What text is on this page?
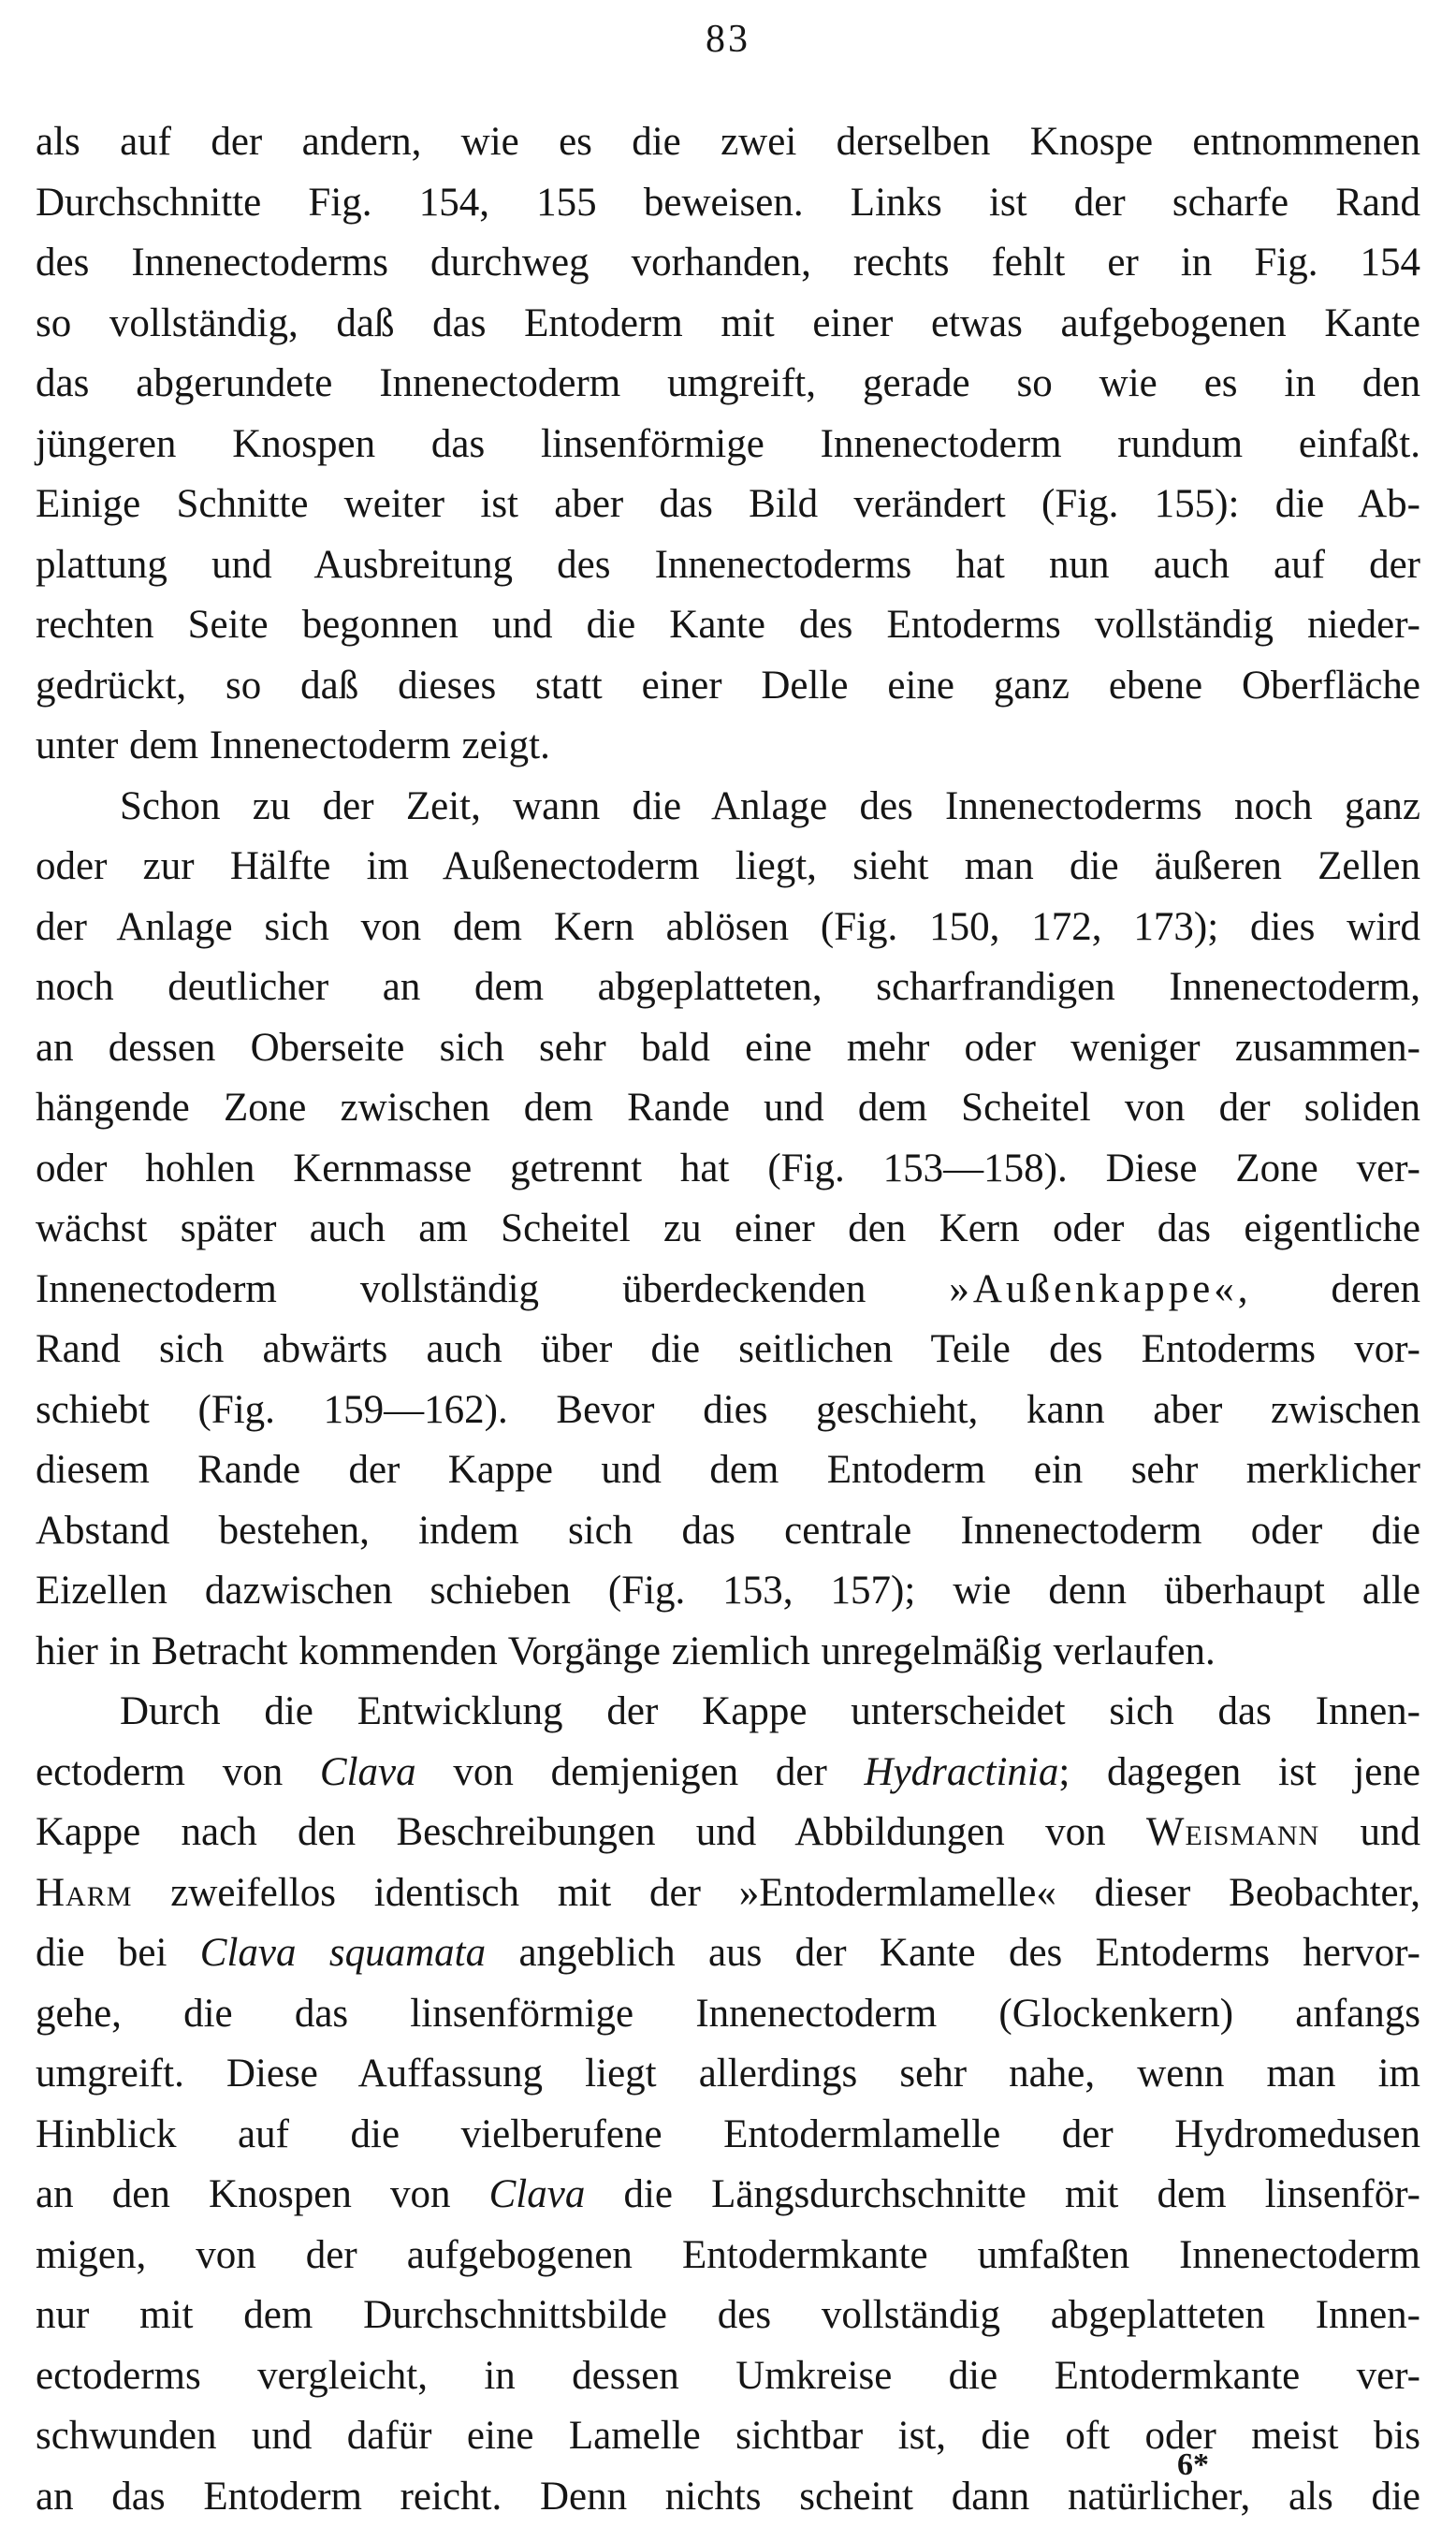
83
als auf der andern, wie es die zwei derselben Knospe entnommenen
Durchschnitte Fig. 154, 155 beweisen. Links ist der scharfe Rand
des Innenectoderms durchweg vorhanden, rechts fehlt er in Fig. 154
so vollständig, daß das Entoderm mit einer etwas aufgebogenen Kante
das abgerundete Innenectoderm umgreift, gerade so wie es in den
jüngeren Knospen das linsenförmige Innenectoderm rundum einfaßt.
Einige Schnitte weiter ist aber das Bild verändert (Fig. 155): die Ab-
plattung und Ausbreitung des Innenectoderms hat nun auch auf der
rechten Seite begonnen und die Kante des Entoderms vollständig nieder-
gedrückt, so daß dieses statt einer Delle eine ganz ebene Oberfläche
unter dem Innenectoderm zeigt.
Schon zu der Zeit, wann die Anlage des Innenectoderms noch ganz
oder zur Hälfte im Außenectoderm liegt, sieht man die äußeren Zellen
der Anlage sich von dem Kern ablösen (Fig. 150, 172, 173); dies wird
noch deutlicher an dem abgeplatteten, scharfrandigen Innenectoderm,
an dessen Oberseite sich sehr bald eine mehr oder weniger zusammen-
hängende Zone zwischen dem Rande und dem Scheitel von der soliden
oder hohlen Kernmasse getrennt hat (Fig. 153—158). Diese Zone ver-
wächst später auch am Scheitel zu einer den Kern oder das eigentliche
Innenectoderm vollständig überdeckenden »Außenkappe«, deren
Rand sich abwärts auch über die seitlichen Teile des Entoderms vor-
schiebt (Fig. 159—162). Bevor dies geschieht, kann aber zwischen
diesem Rande der Kappe und dem Entoderm ein sehr merklicher
Abstand bestehen, indem sich das centrale Innenectoderm oder die
Eizellen dazwischen schieben (Fig. 153, 157); wie denn überhaupt alle
hier in Betracht kommenden Vorgänge ziemlich unregelmäßig verlaufen.
Durch die Entwicklung der Kappe unterscheidet sich das Innen-
ectoderm von Clava von demjenigen der Hydractinia; dagegen ist jene
Kappe nach den Beschreibungen und Abbildungen von Weismann und
Harm zweifellos identisch mit der »Entodermlamelle« dieser Beobachter,
die bei Clava squamata angeblich aus der Kante des Entoderms hervor-
gehe, die das linsenförmige Innenectoderm (Glockenkern) anfangs
umgreift. Diese Auffassung liegt allerdings sehr nahe, wenn man im
Hinblick auf die vielberufene Entodermlamelle der Hydromedusen
an den Knospen von Clava die Längsdurchschnitte mit dem linsenför-
migen, von der aufgebogenen Entodermkante umfaßten Innenectoderm
nur mit dem Durchschnittsbilde des vollständig abgeplatteten Innen-
ectoderms vergleicht, in dessen Umkreise die Entodermkante ver-
schwunden und dafür eine Lamelle sichtbar ist, die oft oder meist bis
an das Entoderm reicht. Denn nichts scheint dann natürlicher, als die
6*
